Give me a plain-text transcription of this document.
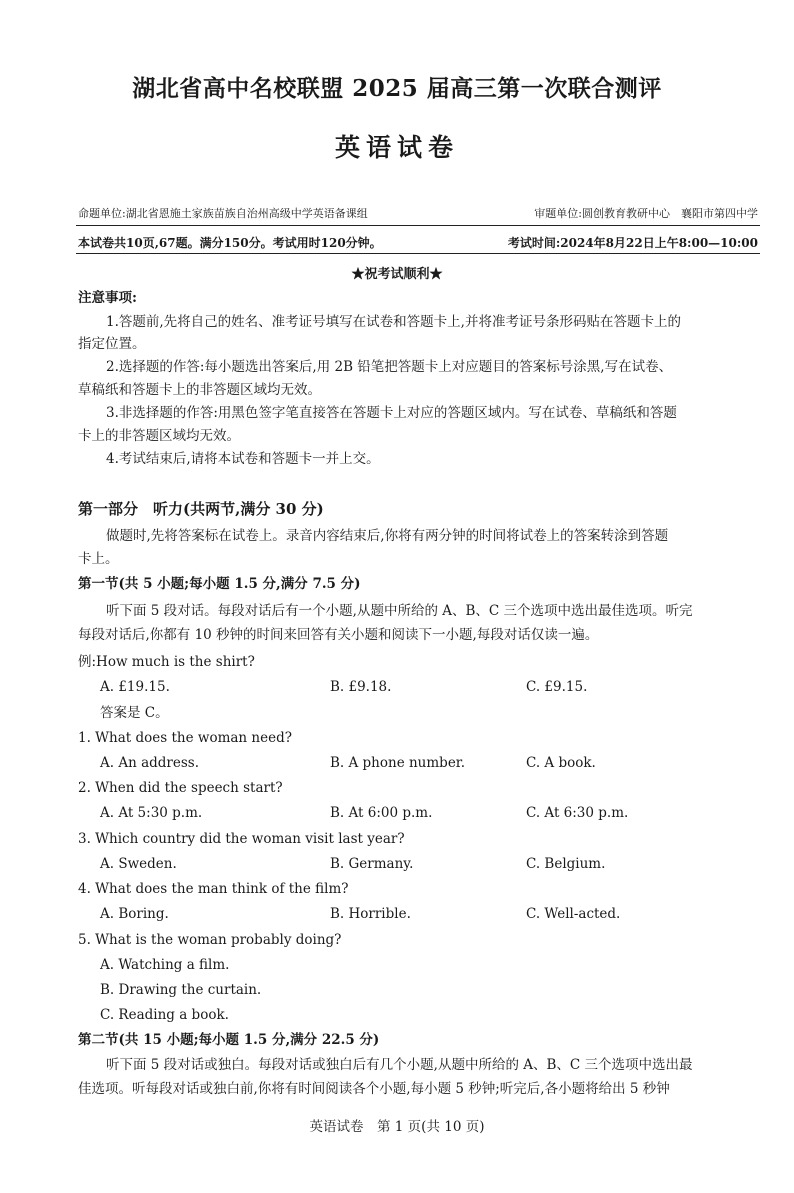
湖北省高中名校联盟 2025 届高三第一次联合测评
英语试卷
命题单位:湖北省恩施土家族苗族自治州高级中学英语备课组	审题单位:圆创教育教研中心　襄阳市第四中学
本试卷共10页,67题。满分150分。考试用时120分钟。	考试时间:2024年8月22日上午8:00—10:00
★祝考试顺利★
注意事项:
1.答题前,先将自己的姓名、准考证号填写在试卷和答题卡上,并将准考证号条形码贴在答题卡上的
指定位置。
2.选择题的作答:每小题选出答案后,用 2B 铅笔把答题卡上对应题目的答案标号涂黑,写在试卷、
草稿纸和答题卡上的非答题区域均无效。
3.非选择题的作答:用黑色签字笔直接答在答题卡上对应的答题区域内。写在试卷、草稿纸和答题
卡上的非答题区域均无效。
4.考试结束后,请将本试卷和答题卡一并上交。
第一部分　听力(共两节,满分 30 分)
做题时,先将答案标在试卷上。录音内容结束后,你将有两分钟的时间将试卷上的答案转涂到答题
卡上。
第一节(共 5 小题;每小题 1.5 分,满分 7.5 分)
听下面 5 段对话。每段对话后有一个小题,从题中所给的 A、B、C 三个选项中选出最佳选项。听完
每段对话后,你都有 10 秒钟的时间来回答有关小题和阅读下一小题,每段对话仅读一遍。
例:How much is the shirt?
A. £19.15.	B. £9.18.	C. £9.15.
答案是 C。
1. What does the woman need?
A. An address.	B. A phone number.	C. A book.
2. When did the speech start?
A. At 5:30 p.m.	B. At 6:00 p.m.	C. At 6:30 p.m.
3. Which country did the woman visit last year?
A. Sweden.	B. Germany.	C. Belgium.
4. What does the man think of the film?
A. Boring.	B. Horrible.	C. Well-acted.
5. What is the woman probably doing?
A. Watching a film.
B. Drawing the curtain.
C. Reading a book.
第二节(共 15 小题;每小题 1.5 分,满分 22.5 分)
听下面 5 段对话或独白。每段对话或独白后有几个小题,从题中所给的 A、B、C 三个选项中选出最
佳选项。听每段对话或独白前,你将有时间阅读各个小题,每小题 5 秒钟;听完后,各小题将给出 5 秒钟
英语试卷　第 1 页(共 10 页)
